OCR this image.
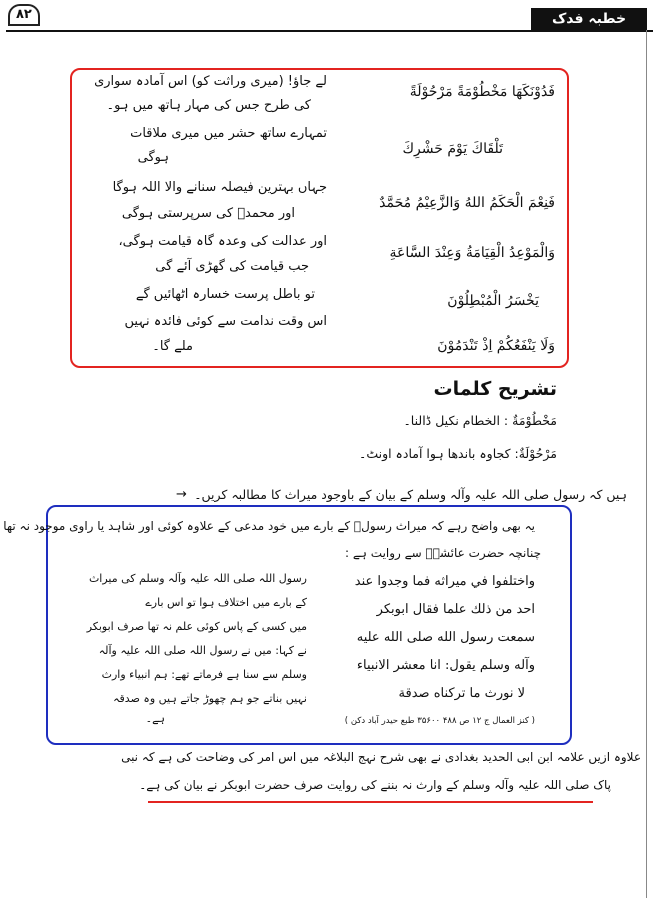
۸۲	خطبہ فدک
فَدُوْنَكَهَا مَخْطُوْمَةً مَرْحُوْلَةً
تَلْقَاكَ يَوْمَ حَشْرِكَ
فَنِعْمَ الْحَكَمُ اللهُ وَالزَّعِيْمُ مُحَمَّدٌ
وَالْمَوْعِدُ الْقِيَامَةُ وَعِنْدَ السَّاعَةِ
يَخْسَرُ الْمُبْطِلُوْنَ
وَلَا يَنْفَعُكُمْ اِذْ تَنْدَمُوْنَ
لے جاؤ! (میری وراثت کو) اس آمادہ سواری
کی طرح جس کی مہار ہاتھ میں ہو۔
تمہارے ساتھ حشر میں میری ملاقات
ہوگی
جہاں بہترین فیصلہ سنانے والا اللہ ہوگا
اور محمدؐ کی سرپرستی ہوگی
اور عدالت کی وعدہ گاہ قیامت ہوگی،
جب قیامت کی گھڑی آئے گی
تو باطل پرست خسارہ اٹھائیں گے
اس وقت ندامت سے کوئی فائدہ نہیں
ملے گا۔
تشریح کلمات
مَخْطُوْمَةٌ : الخطام نکیل ڈالنا۔
مَرْحُوْلَةٌ: کجاوہ باندھا ہوا آمادہ اونٹ۔
→ ہیں کہ رسول صلی اللہ علیہ وآلہ وسلم کے بیان کے باوجود میراث کا مطالبہ کریں۔
یہ بھی واضح رہے کہ میراث رسولؐ کے بارے میں خود مدعی کے علاوہ کوئی اور شاہد یا راوی موجود نہ تھا
چنانچہ حضرت عائشہؓ سے روایت ہے :
واختلفوا في ميراثه فما وجدوا عند
احد من ذلك علما فقال ابوبكر
سمعت رسول الله صلى الله عليه
وآله وسلم يقول: انا معشر الانبياء
لا نورث ما تركناه صدقة
رسول اللہ صلی اللہ علیہ وآلہ وسلم کی میراث
کے بارے میں اختلاف ہوا تو اس بارے
میں کسی کے پاس کوئی علم نہ تھا صرف ابوبکر
نے کہا: میں نے رسول اللہ صلی اللہ علیہ وآلہ
وسلم سے سنا ہے فرماتے تھے: ہم انبیاء وارث
نہیں بناتے جو ہم چھوڑ جاتے ہیں وہ صدقہ
ہے۔	( کنز العمال ج ۱۲ ص ۴۸۸ ۳۵۶۰۰ طبع حیدر آباد دکن )
علاوہ ازیں علامہ ابن ابی الحدید بغدادی نے بھی شرح نہج البلاغہ میں اس امر کی وضاحت کی ہے کہ نبی
پاک صلی اللہ علیہ وآلہ وسلم کے وارث نہ بننے کی روایت صرف حضرت ابوبکر نے بیان کی ہے۔
